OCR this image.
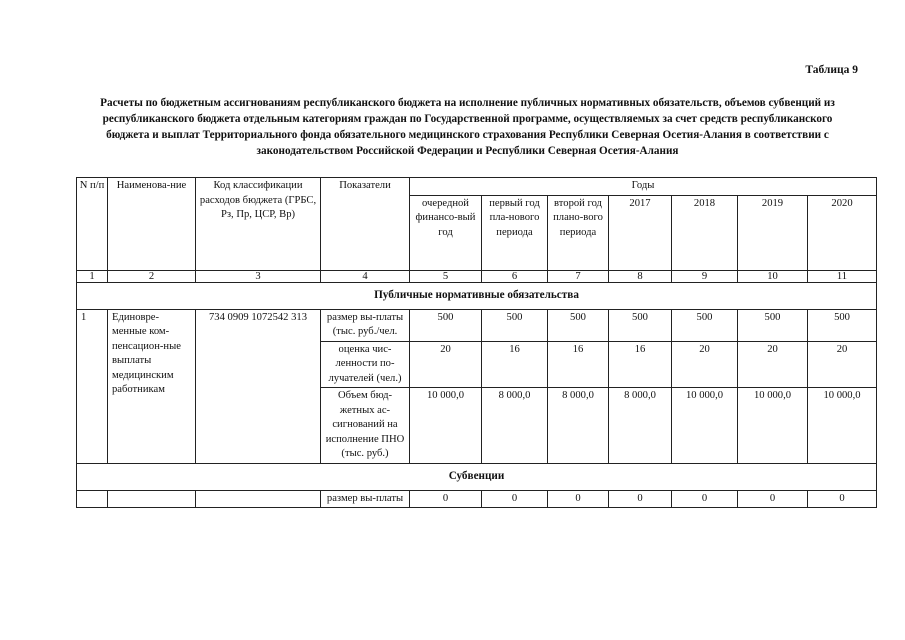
Таблица 9
Расчеты по бюджетным ассигнованиям республиканского бюджета на исполнение публичных нормативных обязательств, объемов субвенций из республиканского бюджета отдельным категориям граждан по Государственной программе, осуществляемых за счет средств республиканского бюджета и выплат Территориального фонда обязательного медицинского страхования Республики Северная Осетия-Алания в соответствии с законодательством Российской Федерации и Республики Северная Осетия-Алания
N п/п	Наименова-ние	Код классификации расходов бюджета (ГРБС, Рз, Пр, ЦСР, Вр)	Показатели	Годы						
				очередной финансо-вый год	первый год пла-нового периода	второй год плано-вого периода	2017	2018	2019	2020
1	2	3	4	5	6	7	8	9	10	11
Публичные нормативные обязательства										
1	Единовре-менные ком-пенсацион-ные выплаты медицинским работникам	734 0909 1072542 313	размер вы-платы (тыс. руб./чел.	500	500	500	500	500	500	500
			оценка чис-ленности по-лучателей (чел.)	20	16	16	16	20	20	20
			Объем бюд-жетных ас-сигнований на исполнение ПНО (тыс. руб.)	10 000,0	8 000,0	8 000,0	8 000,0	10 000,0	10 000,0	10 000,0
Субвенции										
			размер вы-платы	0	0	0	0	0	0	0
